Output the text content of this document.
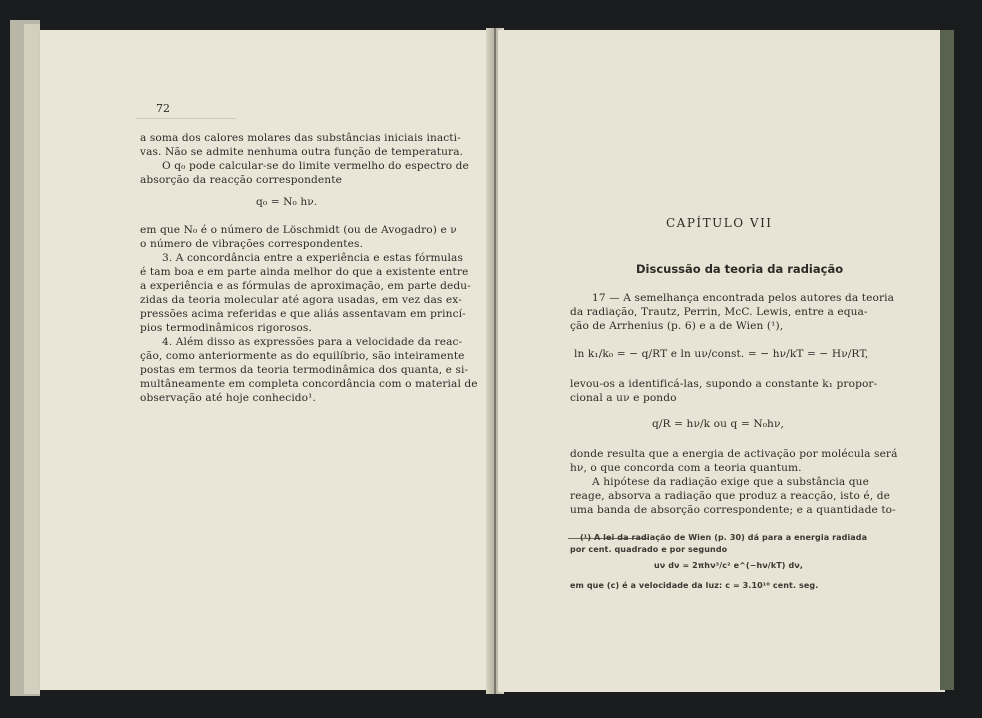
72
a soma dos calores molares das substâncias iniciais inacti-
vas. Não se admite nenhuma outra função de temperatura.
O q₀ pode calcular-se do limite vermelho do espectro de
absorção da reacção correspondente
q₀ = N₀ hν.
em que N₀ é o número de Löschmidt (ou de Avogadro) e ν
o número de vibrações correspondentes.
3. A concordância entre a experiência e estas fórmulas
é tam boa e em parte ainda melhor do que a existente entre
a experiência e as fórmulas de aproximação, em parte dedu-
zidas da teoria molecular até agora usadas, em vez das ex-
pressões acima referidas e que aliás assentavam em princí-
pios termodinâmicos rigorosos.
4. Além disso as expressões para a velocidade da reac-
ção, como anteriormente as do equilíbrio, são inteiramente
postas em termos da teoria termodinâmica dos quanta, e si-
multâneamente em completa concordância com o material de
observação até hoje conhecido¹.
CAPÍTULO VII
Discussão da teoria da radiação
17 — A semelhança encontrada pelos autores da teoria
da radiação, Trautz, Perrin, McC. Lewis, entre a equa-
ção de Arrhenius (p. 6) e a de Wien (¹),
ln k₁/k₀ = − q/RT e ln uν/const. = − hν/kT = − Hν/RT,
levou-os a identificá-las, supondo a constante k₁ propor-
cional a uν e pondo
q/R = hν/k ou q = N₀hν,
donde resulta que a energia de activação por molécula será
hν, o que concorda com a teoria quantum.
A hipótese da radiação exige que a substância que
reage, absorva a radiação que produz a reacção, isto é, de
uma banda de absorção correspondente; e a quantidade to-
(¹) A lei da radiação de Wien (p. 30) dá para a energia radiada
por cent. quadrado e por segundo
uν dν = 2πhν³/c² e^(−hν/kT) dν,
em que (c) é a velocidade da luz: c = 3.10¹⁰ cent. seg.
